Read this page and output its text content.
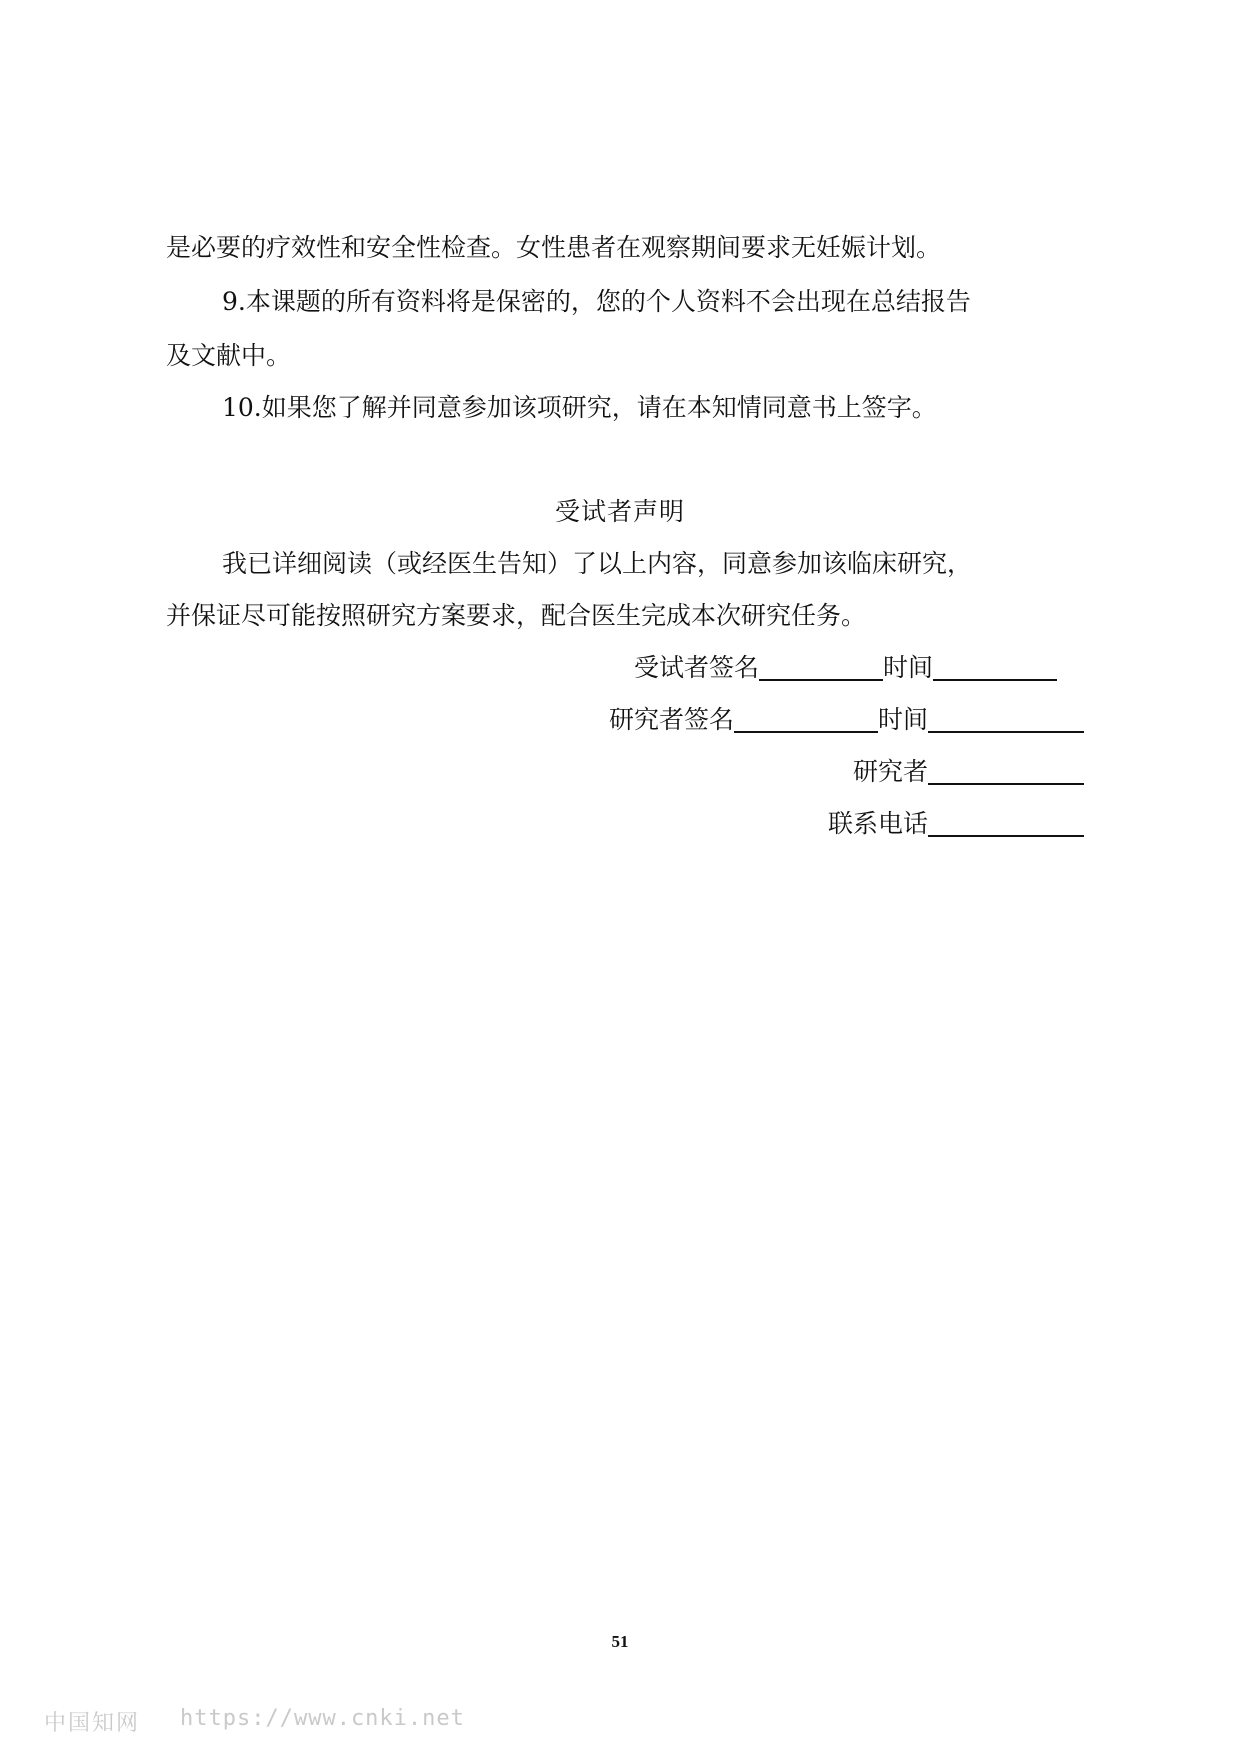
是必要的疗效性和安全性检查。女性患者在观察期间要求无妊娠计划。
9.本课题的所有资料将是保密的，您的个人资料不会出现在总结报告
及文献中。
10.如果您了解并同意参加该项研究，请在本知情同意书上签字。
受试者声明
我已详细阅读（或经医生告知）了以上内容，同意参加该临床研究，
并保证尽可能按照研究方案要求，配合医生完成本次研究任务。
受试者签名	时间
研究者签名	时间
研究者
联系电话
51
中国知网 https://www.cnki.net
